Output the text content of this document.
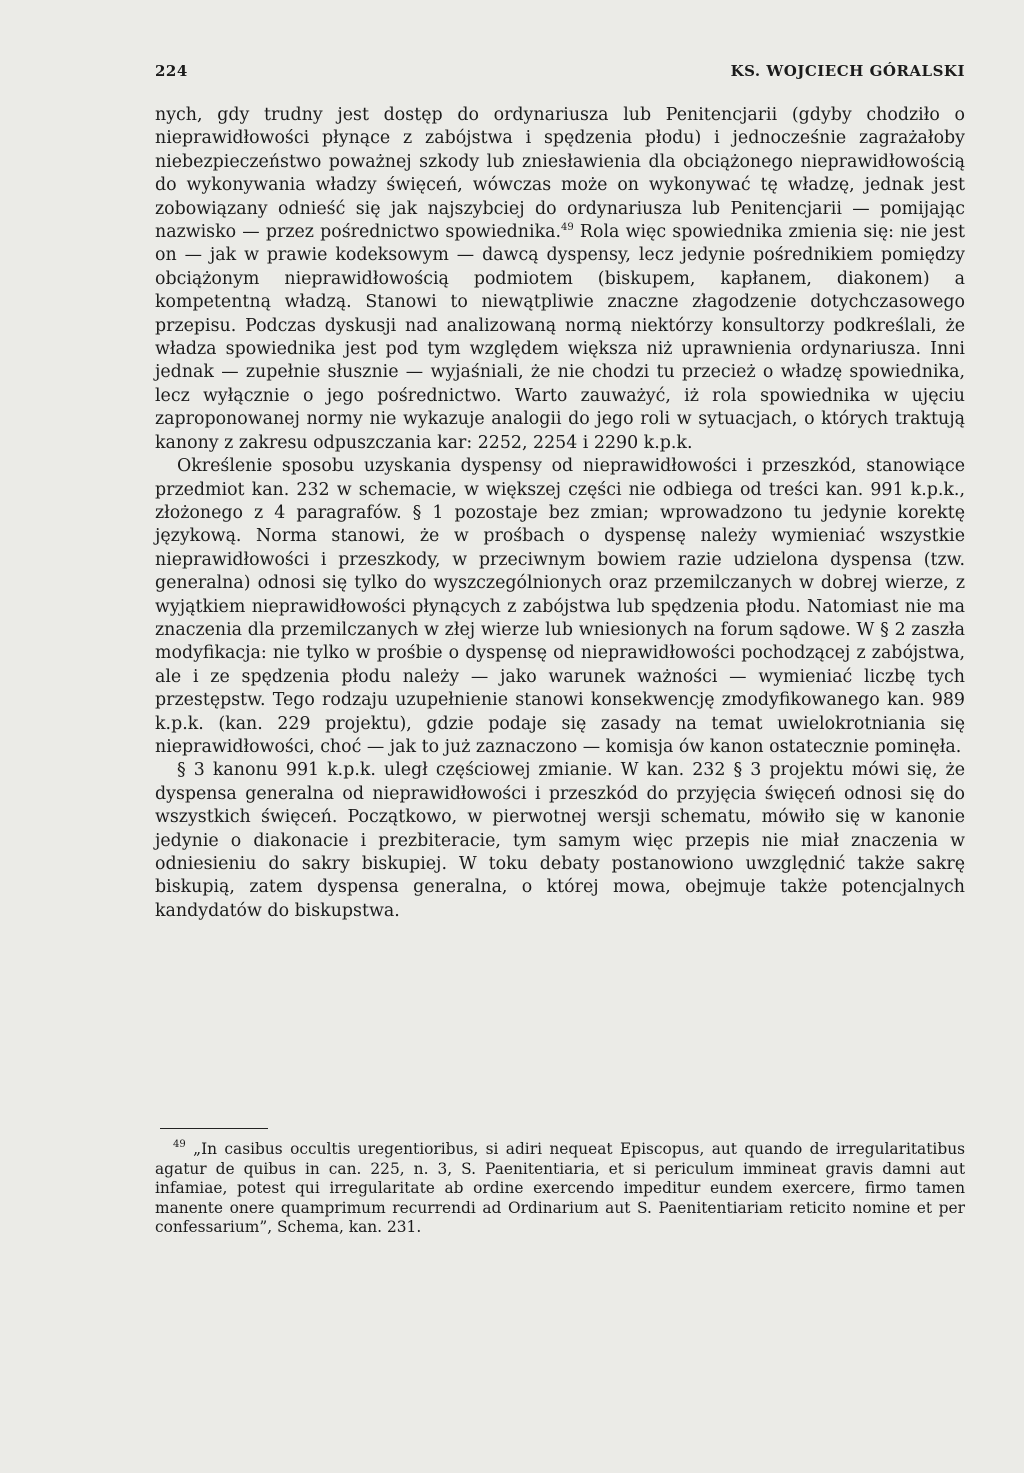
224	KS. WOJCIECH GÓRALSKI

nych, gdy trudny jest dostęp do ordynariusza lub Penitencjarii (gdyby chodziło o nieprawidłowości płynące z zabójstwa i spędzenia płodu) i jednocześnie zagrażałoby niebezpieczeństwo poważnej szkody lub zniesławienia dla obciążonego nieprawidłowością do wykonywania władzy święceń, wówczas może on wykonywać tę władzę, jednak jest zobowiązany odnieść się jak najszybciej do ordynariusza lub Penitencjarii — pomijając nazwisko — przez pośrednictwo spowiednika.$^{49}$ Rola więc spowiednika zmienia się: nie jest on — jak w prawie kodeksowym — dawcą dyspensy, lecz jedynie pośrednikiem pomiędzy obciążonym nieprawidłowością podmiotem (biskupem, kapłanem, diakonem) a kompetentną władzą. Stanowi to niewątpliwie znaczne złagodzenie dotychczasowego przepisu. Podczas dyskusji nad analizowaną normą niektórzy konsultorzy podkreślali, że władza spowiednika jest pod tym względem większa niż uprawnienia ordynariusza. Inni jednak — zupełnie słusznie — wyjaśniali, że nie chodzi tu przecież o władzę spowiednika, lecz wyłącznie o jego pośrednictwo. Warto zauważyć, iż rola spowiednika w ujęciu zaproponowanej normy nie wykazuje analogii do jego roli w sytuacjach, o których traktują kanony z zakresu odpuszczania kar: 2252, 2254 i 2290 k.p.k.

Określenie sposobu uzyskania dyspensy od nieprawidłowości i przeszkód, stanowiące przedmiot kan. 232 w schemacie, w większej części nie odbiega od treści kan. 991 k.p.k., złożonego z 4 paragrafów. § 1 pozostaje bez zmian; wprowadzono tu jedynie korektę językową. Norma stanowi, że w prośbach o dyspensę należy wymieniać wszystkie nieprawidłowości i przeszkody, w przeciwnym bowiem razie udzielona dyspensa (tzw. generalna) odnosi się tylko do wyszczególnionych oraz przemilczanych w dobrej wierze, z wyjątkiem nieprawidłowości płynących z zabójstwa lub spędzenia płodu. Natomiast nie ma znaczenia dla przemilczanych w złej wierze lub wniesionych na forum sądowe. W § 2 zaszła modyfikacja: nie tylko w prośbie o dyspensę od nieprawidłowości pochodzącej z zabójstwa, ale i ze spędzenia płodu należy — jako warunek ważności — wymieniać liczbę tych przestępstw. Tego rodzaju uzupełnienie stanowi konsekwencję zmodyfikowanego kan. 989 k.p.k. (kan. 229 projektu), gdzie podaje się zasady na temat uwielokrotniania się nieprawidłowości, choć — jak to już zaznaczono — komisja ów kanon ostatecznie pominęła.

§ 3 kanonu 991 k.p.k. uległ częściowej zmianie. W kan. 232 § 3 projektu mówi się, że dyspensa generalna od nieprawidłowości i przeszkód do przyjęcia święceń odnosi się do wszystkich święceń. Początkowo, w pierwotnej wersji schematu, mówiło się w kanonie jedynie o diakonacie i prezbiteracie, tym samym więc przepis nie miał znaczenia w odniesieniu do sakry biskupiej. W toku debaty postanowiono uwzględnić także sakrę biskupią, zatem dyspensa generalna, o której mowa, obejmuje także potencjalnych kandydatów do biskupstwa.

$^{49}$ „In casibus occultis uregentioribus, si adiri nequeat Episcopus, aut quando de irregularitatibus agatur de quibus in can. 225, n. 3, S. Paenitentiaria, et si periculum immineat gravis damni aut infamiae, potest qui irregularitate ab ordine exercendo impeditur eundem exercere, firmo tamen manente onere quamprimum recurrendi ad Ordinarium aut S. Paenitentiariam reticito nomine et per confessarium”, Schema, kan. 231.
